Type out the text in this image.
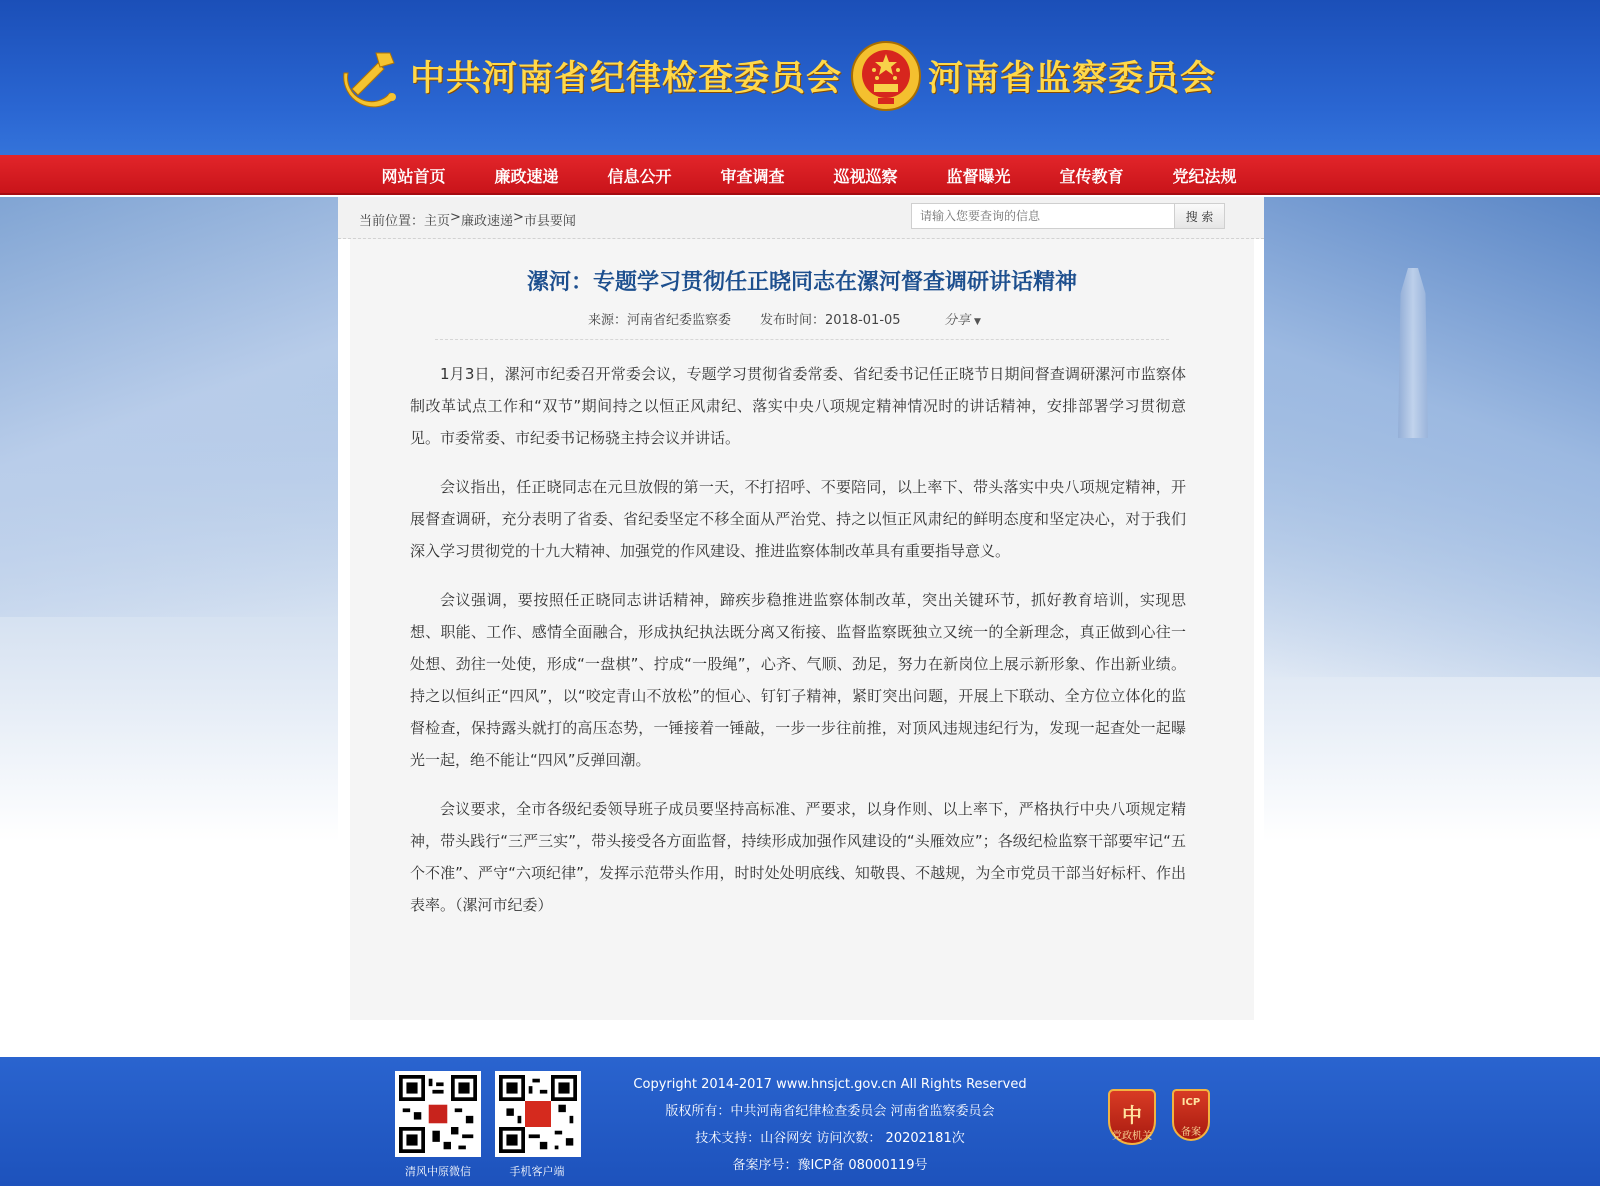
中共河南省纪律检查委员会 河南省监察委员会
网站首页	廉政速递	信息公开	审查调查	巡视巡察	监督曝光	宣传教育	党纪法规
当前位置： 主页 > 廉政速递 > 市县要闻
请输入您要查询的信息	搜 索
漯河：专题学习贯彻任正晓同志在漯河督查调研讲话精神
来源：河南省纪委监察委 发布时间：2018-01-05	分享 ▼

1月3日，漯河市纪委召开常委会议，专题学习贯彻省委常委、省纪委书记任正晓节日期间督查调研漯河市监察体制改革试点工作和“双节”期间持之以恒正风肃纪、落实中央八项规定精神情况时的讲话精神，安排部署学习贯彻意见。市委常委、市纪委书记杨骁主持会议并讲话。

会议指出，任正晓同志在元旦放假的第一天，不打招呼、不要陪同，以上率下、带头落实中央八项规定精神，开展督查调研，充分表明了省委、省纪委坚定不移全面从严治党、持之以恒正风肃纪的鲜明态度和坚定决心，对于我们深入学习贯彻党的十九大精神、加强党的作风建设、推进监察体制改革具有重要指导意义。

会议强调，要按照任正晓同志讲话精神，蹄疾步稳推进监察体制改革，突出关键环节，抓好教育培训，实现思想、职能、工作、感情全面融合，形成执纪执法既分离又衔接、监督监察既独立又统一的全新理念，真正做到心往一处想、劲往一处使，形成“一盘棋”、拧成“一股绳”，心齐、气顺、劲足，努力在新岗位上展示新形象、作出新业绩。持之以恒纠正“四风”，以“咬定青山不放松”的恒心、钉钉子精神，紧盯突出问题，开展上下联动、全方位立体化的监督检查，保持露头就打的高压态势，一锤接着一锤敲，一步一步往前推，对顶风违规违纪行为，发现一起查处一起曝光一起，绝不能让“四风”反弹回潮。

会议要求，全市各级纪委领导班子成员要坚持高标准、严要求，以身作则、以上率下，严格执行中央八项规定精神，带头践行“三严三实”，带头接受各方面监督，持续形成加强作风建设的“头雁效应”；各级纪检监察干部要牢记“五个不准”、严守“六项纪律”，发挥示范带头作用，时时处处明底线、知敬畏、不越规，为全市党员干部当好标杆、作出表率。（漯河市纪委）

清风中原微信	手机客户端
Copyright 2014-2017 www.hnsjct.gov.cn All Rights Reserved
版权所有：中共河南省纪律检查委员会 河南省监察委员会
技术支持：山谷网安 访问次数： 20202181次
备案序号：豫ICP备 08000119号
中
党政机关
ICP
备案
